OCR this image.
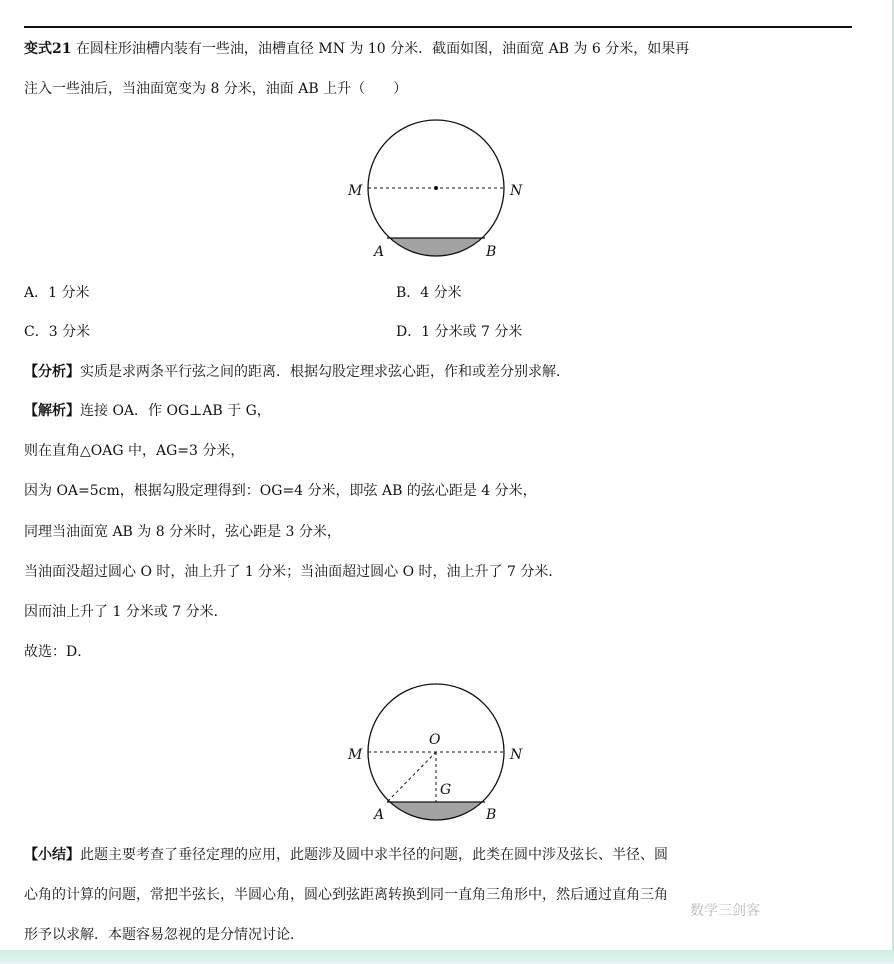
变式21 在圆柱形油槽内装有一些油，油槽直径 MN 为 10 分米．截面如图，油面宽 AB 为 6 分米，如果再
注入一些油后，当油面宽变为 8 分米，油面 AB 上升（　　）
M	N
A	B
A．1 分米	B．4 分米
C．3 分米	D．1 分米或 7 分米
【分析】实质是求两条平行弦之间的距离．根据勾股定理求弦心距，作和或差分别求解．
【解析】连接 OA．作 OG⊥AB 于 G，
则在直角△OAG 中，AG=3 分米，
因为 OA=5cm，根据勾股定理得到：OG=4 分米，即弦 AB 的弦心距是 4 分米，
同理当油面宽 AB 为 8 分米时，弦心距是 3 分米，
当油面没超过圆心 O 时，油上升了 1 分米；当油面超过圆心 O 时，油上升了 7 分米．
因而油上升了 1 分米或 7 分米．
故选：D．
O
G
M	N
A	B
【小结】此题主要考查了垂径定理的应用，此题涉及圆中求半径的问题，此类在圆中涉及弦长、半径、圆
心角的计算的问题，常把半弦长，半圆心角，圆心到弦距离转换到同一直角三角形中，然后通过直角三角
形予以求解．本题容易忽视的是分情况讨论．
数学三剑客
